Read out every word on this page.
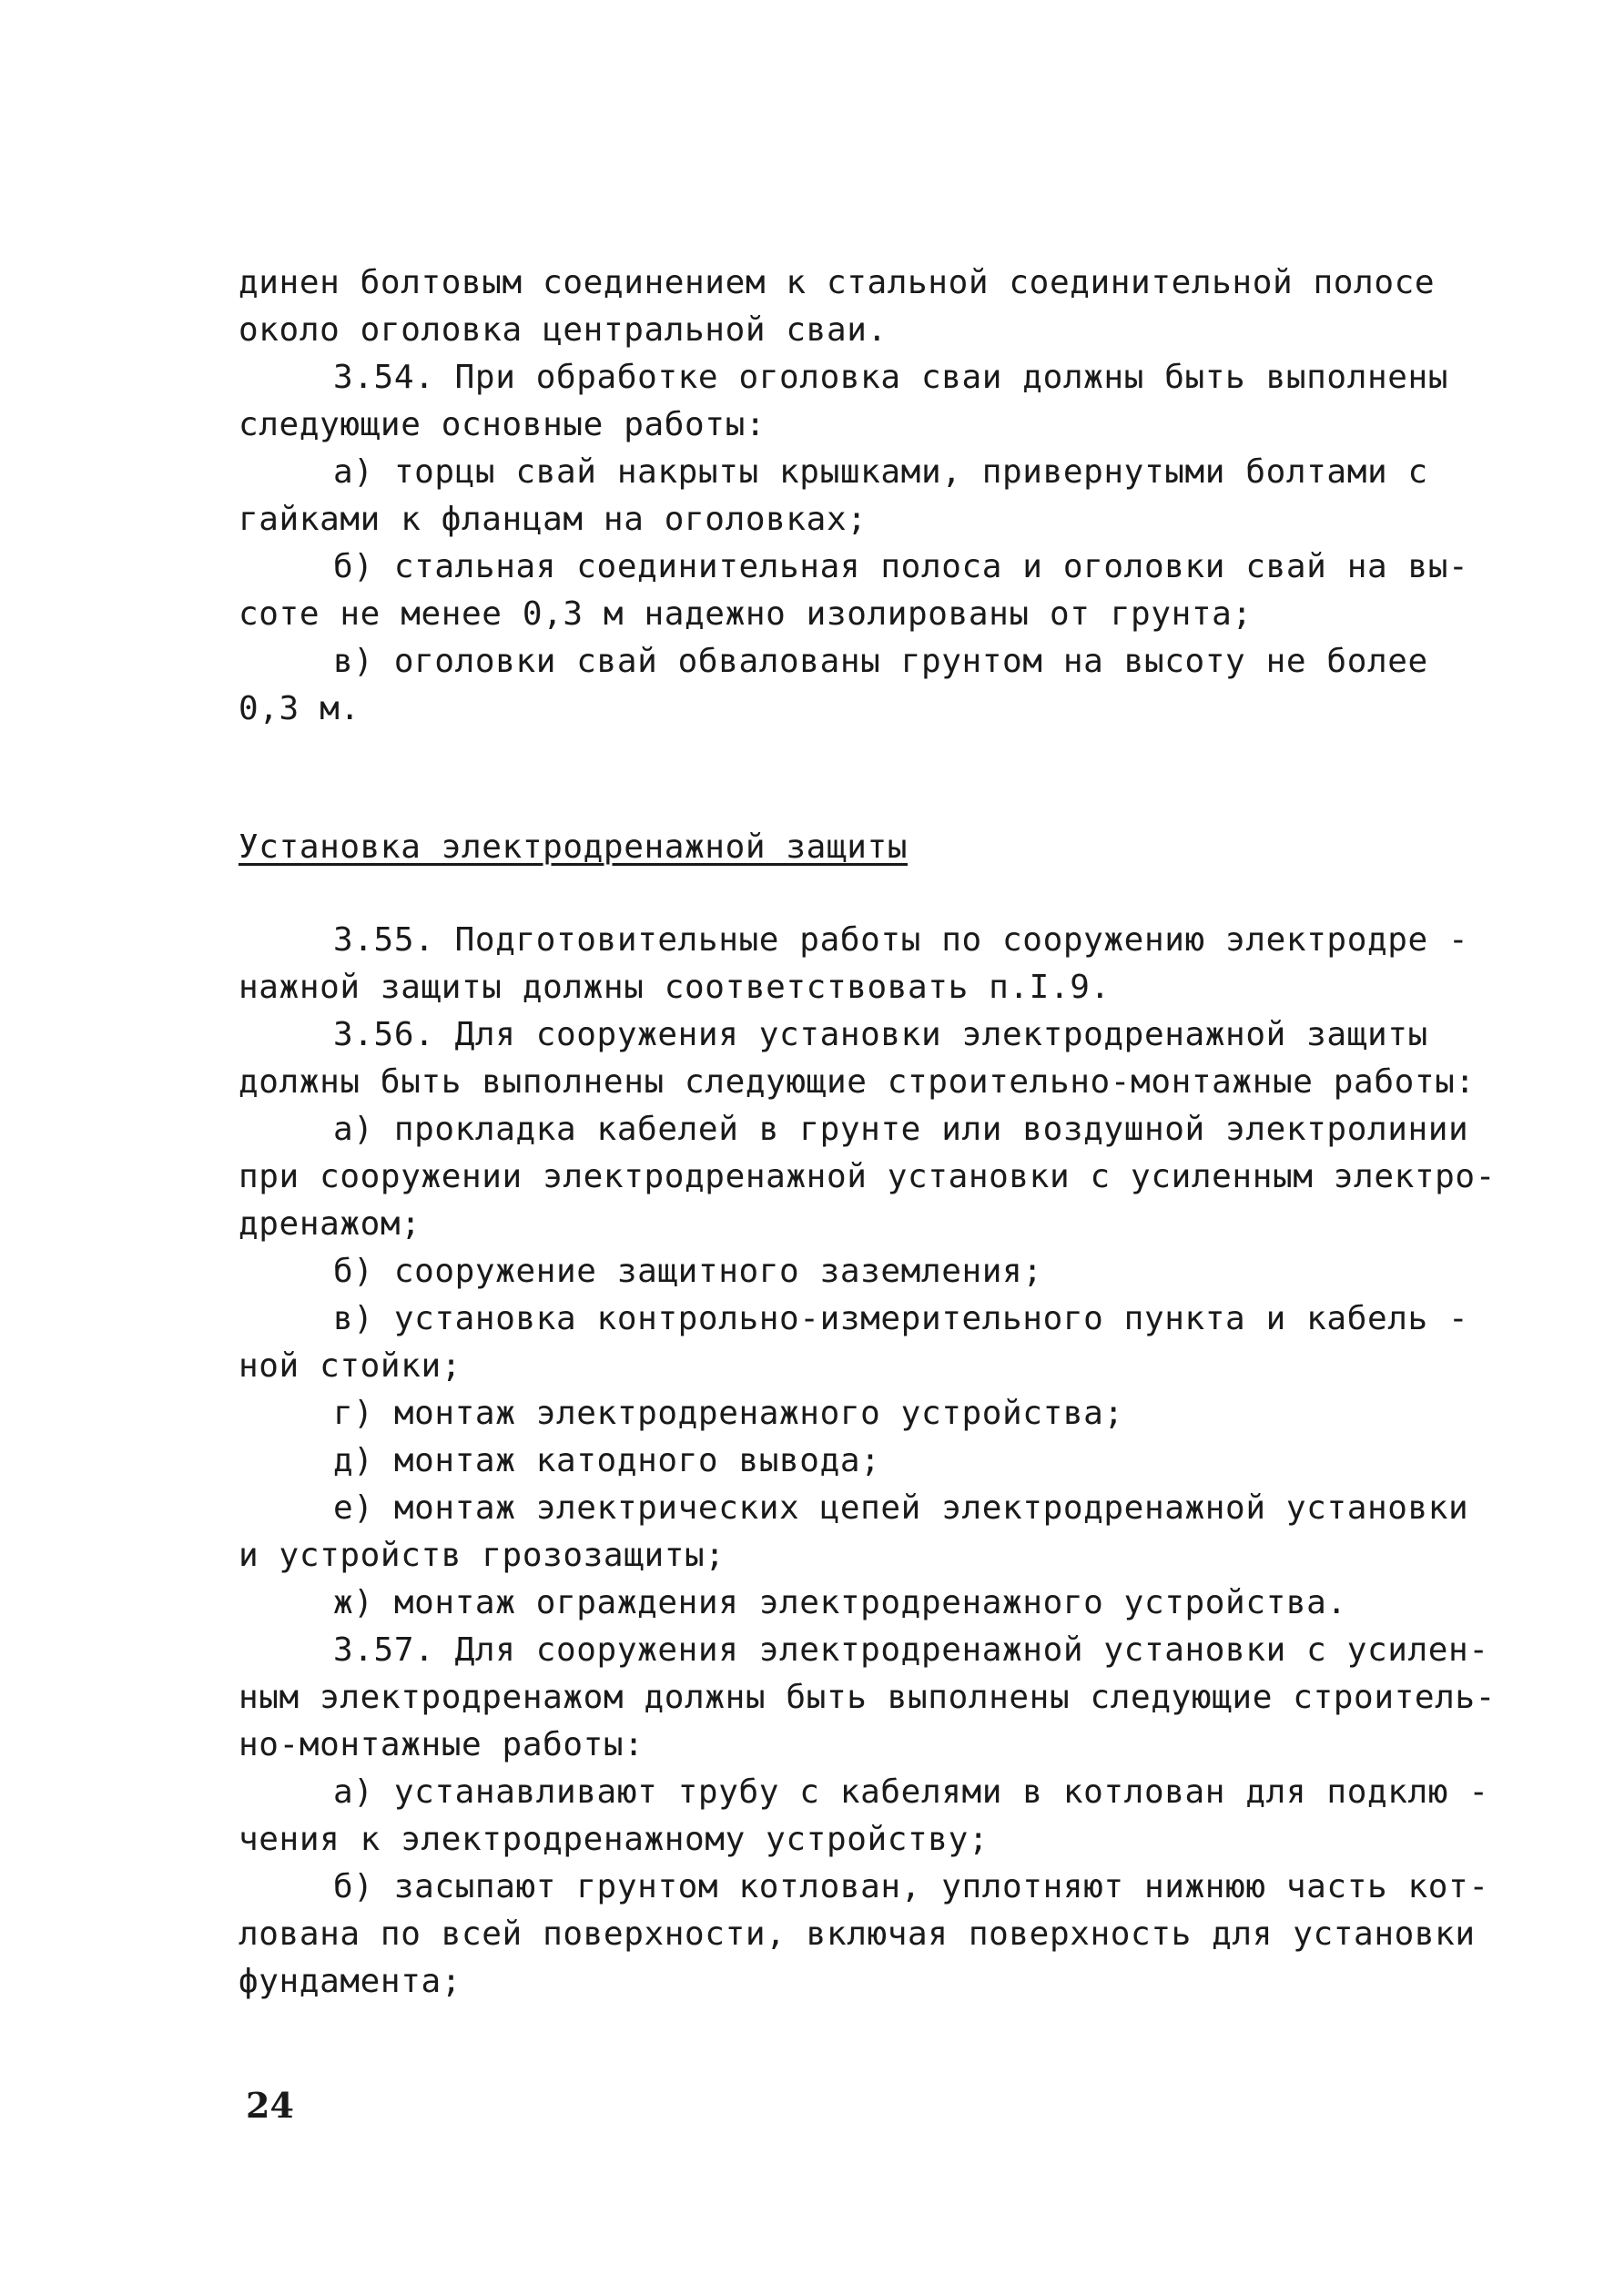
динен болтовым соединением к стальной соединительной полосе
около оголовка центральной сваи.
3.54. При обработке оголовка сваи должны быть выполнены
следующие основные работы:
а) торцы свай накрыты крышками, привернутыми болтами с
гайками к фланцам на оголовках;
б) стальная соединительная полоса и оголовки свай на вы-
соте не менее 0,3 м надежно изолированы от грунта;
в) оголовки свай обвалованы грунтом на высоту не более
0,3 м.
Установка электродренажной защиты
3.55. Подготовительные работы по сооружению электродре -
нажной защиты должны соответствовать п.I.9.
3.56. Для сооружения установки электродренажной защиты
должны быть выполнены следующие строительно-монтажные работы:
а) прокладка кабелей в грунте или воздушной электролинии
при сооружении электродренажной установки с усиленным электро-
дренажом;
б) сооружение защитного заземления;
в) установка контрольно-измерительного пункта и кабель -
ной стойки;
г) монтаж электродренажного устройства;
д) монтаж катодного вывода;
е) монтаж электрических цепей электродренажной установки
и устройств грозозащиты;
ж) монтаж ограждения электродренажного устройства.
3.57. Для сооружения электродренажной установки с усилен-
ным электродренажом должны быть выполнены следующие строитель-
но-монтажные работы:
а) устанавливают трубу с кабелями в котлован для подклю -
чения к электродренажному устройству;
б) засыпают грунтом котлован, уплотняют нижнюю часть кот-
лована по всей поверхности, включая поверхность для установки
фундамента;
24
